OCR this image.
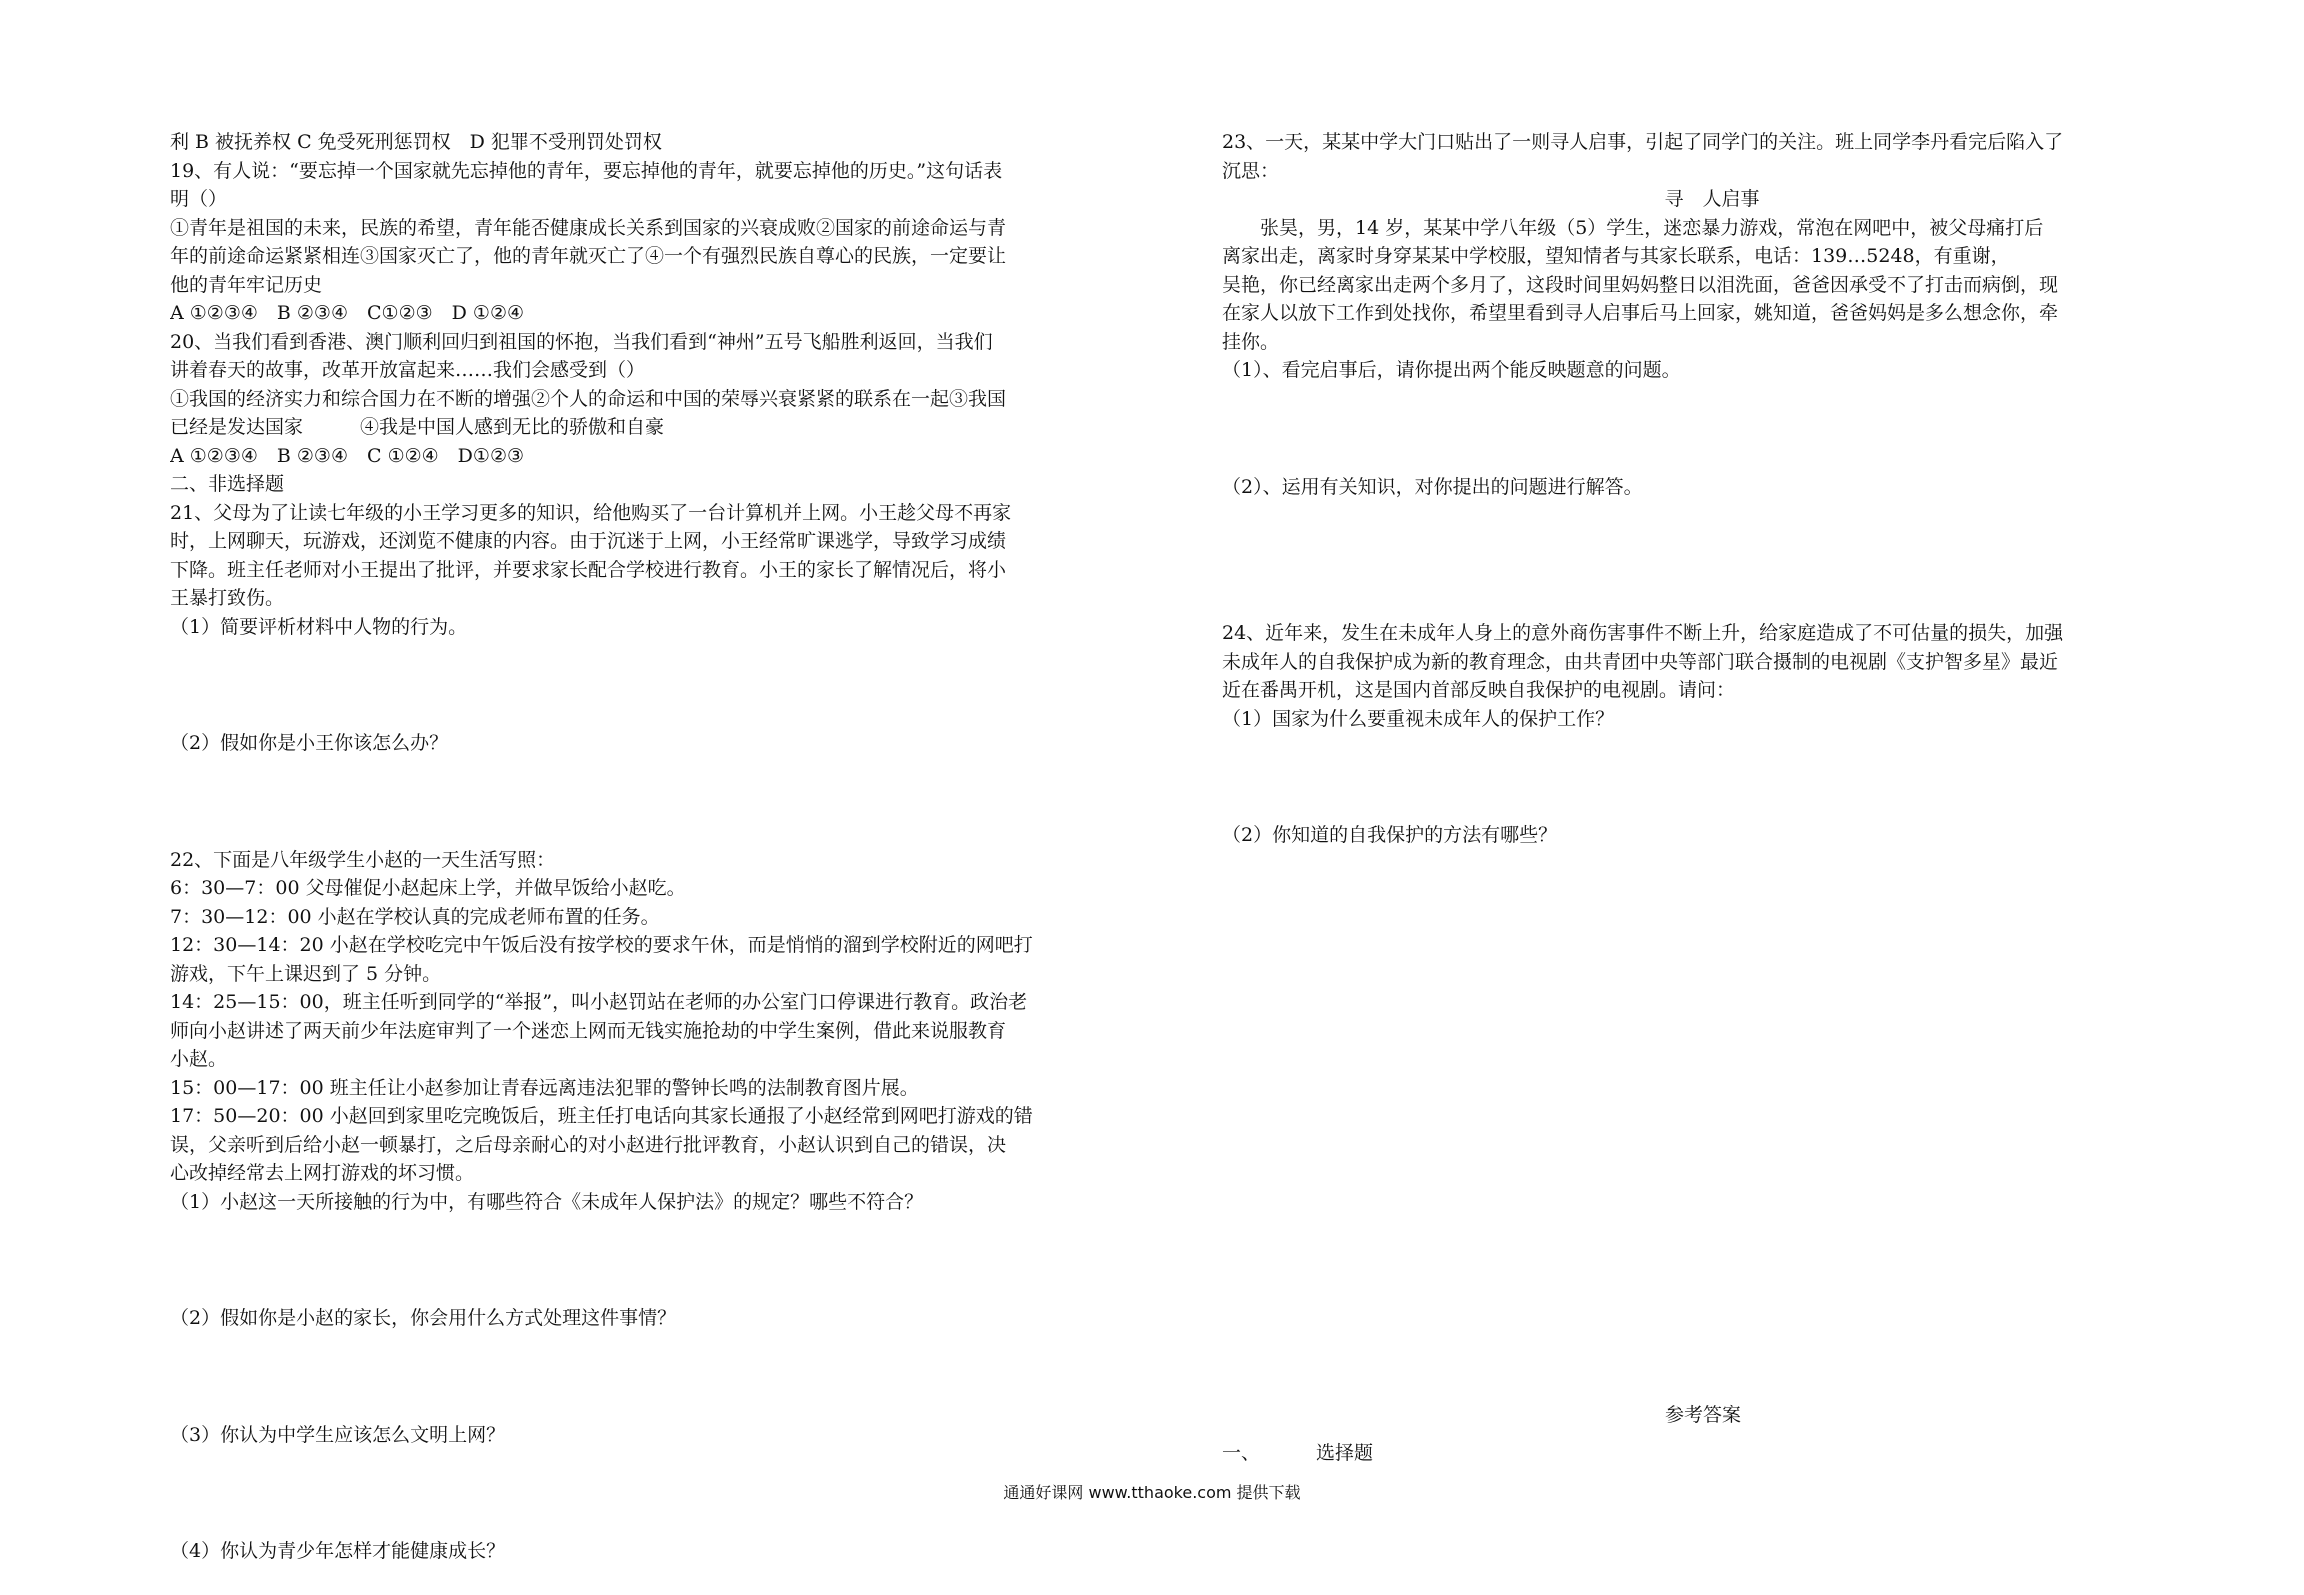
利 B 被抚养权 C 免受死刑惩罚权　D 犯罪不受刑罚处罚权
19、有人说：“要忘掉一个国家就先忘掉他的青年，要忘掉他的青年，就要忘掉他的历史。”这句话表
明（）
①青年是祖国的未来，民族的希望，青年能否健康成长关系到国家的兴衰成败②国家的前途命运与青
年的前途命运紧紧相连③国家灭亡了，他的青年就灭亡了④一个有强烈民族自尊心的民族，一定要让
他的青年牢记历史
A ①②③④　B ②③④　C①②③　D ①②④
20、当我们看到香港、澳门顺利回归到祖国的怀抱，当我们看到“神州”五号飞船胜利返回，当我们
讲着春天的故事，改革开放富起来……我们会感受到（）
①我国的经济实力和综合国力在不断的增强②个人的命运和中国的荣辱兴衰紧紧的联系在一起③我国
已经是发达国家　　　④我是中国人感到无比的骄傲和自豪
A ①②③④　B ②③④　C ①②④　D①②③
二、非选择题
21、父母为了让读七年级的小王学习更多的知识，给他购买了一台计算机并上网。小王趁父母不再家
时，上网聊天，玩游戏，还浏览不健康的内容。由于沉迷于上网，小王经常旷课逃学，导致学习成绩
下降。班主任老师对小王提出了批评，并要求家长配合学校进行教育。小王的家长了解情况后，将小
王暴打致伤。
（1）简要评析材料中人物的行为。
（2）假如你是小王你该怎么办？
22、下面是八年级学生小赵的一天生活写照：
6：30—7：00 父母催促小赵起床上学，并做早饭给小赵吃。
7：30—12：00 小赵在学校认真的完成老师布置的任务。
12：30—14：20 小赵在学校吃完中午饭后没有按学校的要求午休，而是悄悄的溜到学校附近的网吧打
游戏，下午上课迟到了 5 分钟。
14：25—15：00，班主任听到同学的“举报”，叫小赵罚站在老师的办公室门口停课进行教育。政治老
师向小赵讲述了两天前少年法庭审判了一个迷恋上网而无钱实施抢劫的中学生案例，借此来说服教育
小赵。
15：00—17：00 班主任让小赵参加让青春远离违法犯罪的警钟长鸣的法制教育图片展。
17：50—20：00 小赵回到家里吃完晚饭后，班主任打电话向其家长通报了小赵经常到网吧打游戏的错
误，父亲听到后给小赵一顿暴打，之后母亲耐心的对小赵进行批评教育，小赵认识到自己的错误，决
心改掉经常去上网打游戏的坏习惯。
（1）小赵这一天所接触的行为中，有哪些符合《未成年人保护法》的规定？哪些不符合？
（2）假如你是小赵的家长，你会用什么方式处理这件事情？
（3）你认为中学生应该怎么文明上网？
（4）你认为青少年怎样才能健康成长？
23、一天，某某中学大门口贴出了一则寻人启事，引起了同学门的关注。班上同学李丹看完后陷入了
沉思：
寻　人启事
张昊，男，14 岁，某某中学八年级（5）学生，迷恋暴力游戏，常泡在网吧中，被父母痛打后
离家出走，离家时身穿某某中学校服，望知情者与其家长联系，电话：139…5248，有重谢，
吴艳，你已经离家出走两个多月了，这段时间里妈妈整日以泪洗面，爸爸因承受不了打击而病倒，现
在家人以放下工作到处找你，希望里看到寻人启事后马上回家，姚知道，爸爸妈妈是多么想念你，牵
挂你。
（1）、看完启事后，请你提出两个能反映题意的问题。
（2）、运用有关知识，对你提出的问题进行解答。
24、近年来，发生在未成年人身上的意外商伤害事件不断上升，给家庭造成了不可估量的损失，加强
未成年人的自我保护成为新的教育理念，由共青团中央等部门联合摄制的电视剧《支护智多星》最近
近在番禺开机，这是国内首部反映自我保护的电视剧。请问：
（1）国家为什么要重视未成年人的保护工作？
（2）你知道的自我保护的方法有哪些？
参考答案
一、	选择题
通通好课网 www.tthaoke.com 提供下载
